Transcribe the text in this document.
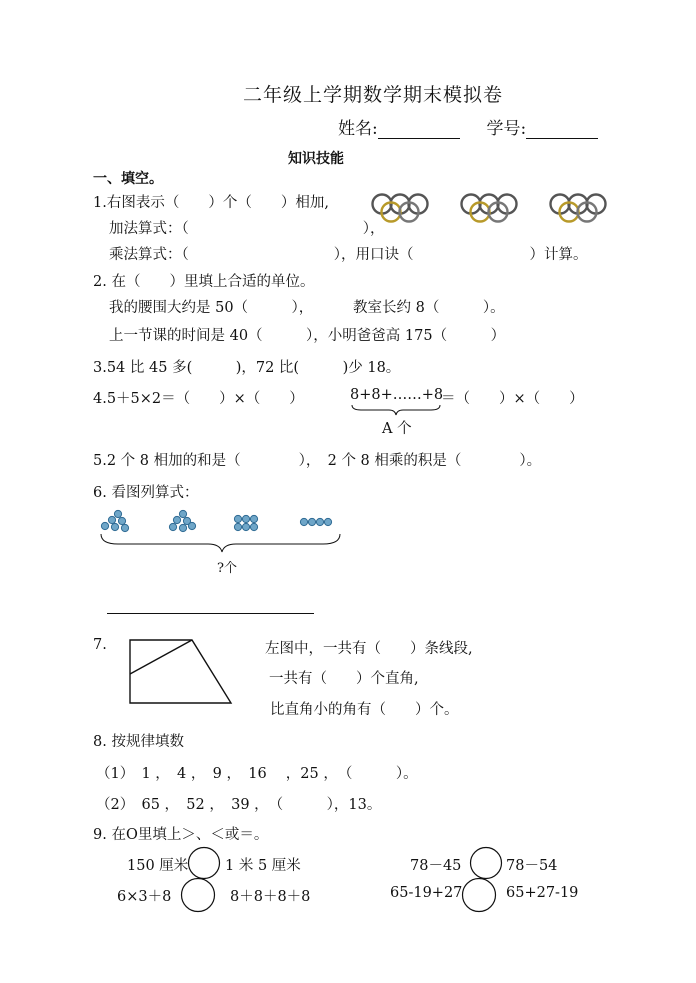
二年级上学期数学期末模拟卷
姓名:	学号:
知识技能
一、填空。
1.右图表示（　　）个（　　）相加,
加法算式：（　　　　　　　　　　　　），
乘法算式：（　　　　　　　　　　），用口诀（　　　　　　　　）计算。
2. 在（　　）里填上合适的单位。
我的腰围大约是 50（　　　），	教室长约 8（　　　）。
上一节课的时间是 40（　　　），小明爸爸高 175（　　　）
3.54 比 45 多(　　　)，72 比(　　　)少 18。
4.5＋5×2＝（　　）×（　　）	8+8+……+8
＝（　　）×（　　）
A 个
5.2 个 8 相加的和是（　　　　），　2 个 8 相乘的积是（　　　　）。
6. 看图列算式：
?个
7.	左图中，一共有（　　）条线段,
一共有（　　）个直角,
比直角小的角有（　　）个。
8. 按规律填数
（1）　1 ，　4 ，　9 ，　16 　，25 ，　（　　　）。
（2）　65 ，　52 ，　39 ，　（　　　），13。
9. 在O里填上＞、＜或＝。
150 厘米	1 米 5 厘米	78－45	78－54
6×3＋8	8＋8＋8＋8	65-19+27	65+27-19
